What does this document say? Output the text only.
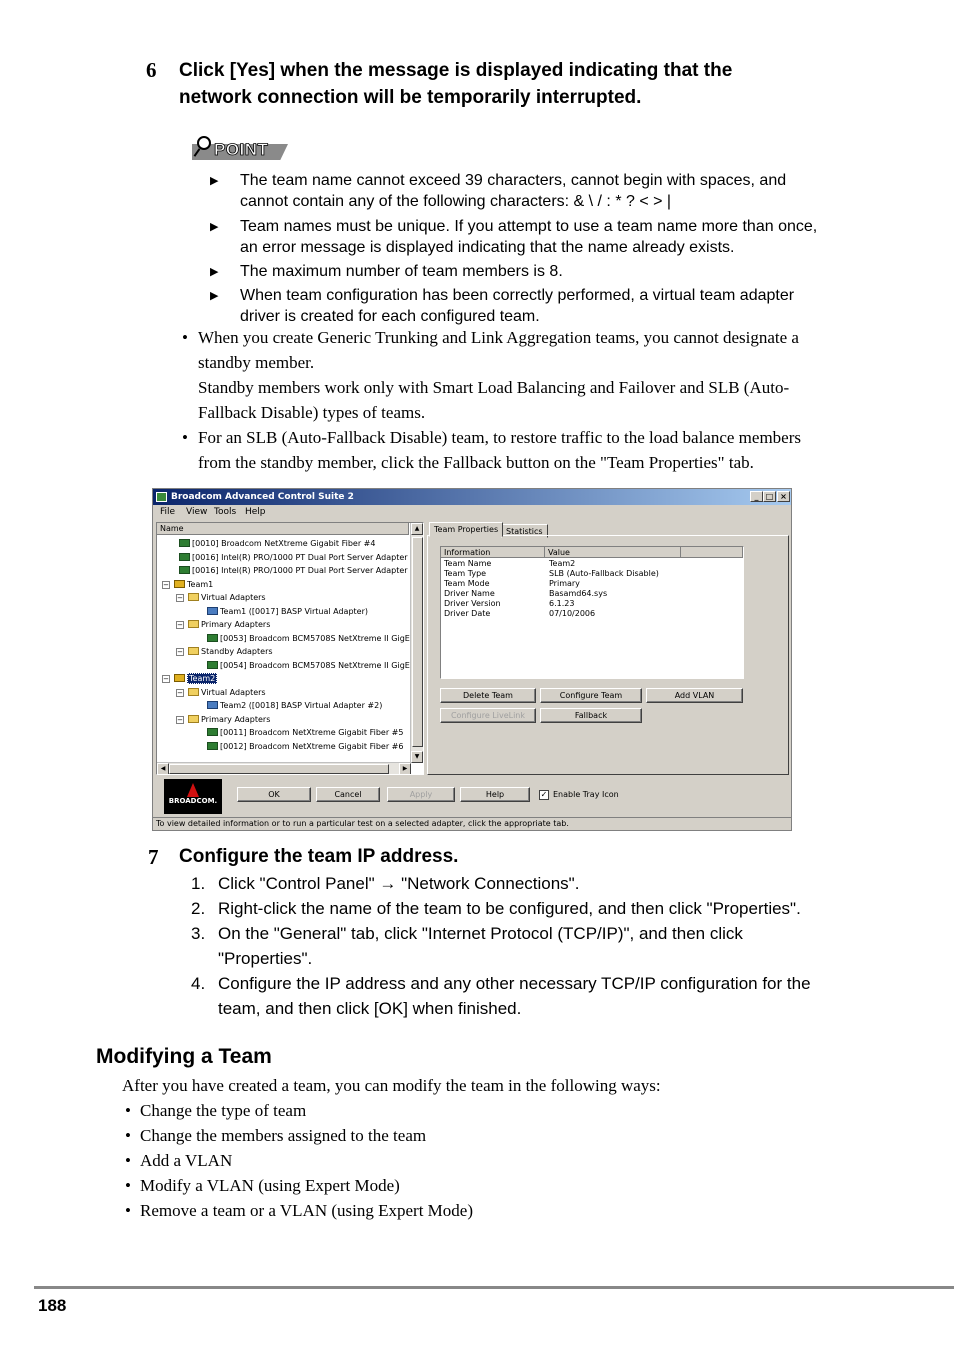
6 Click [Yes] when the message is displayed indicating that the
network connection will be temporarily interrupted.
POINT
▶ The team name cannot exceed 39 characters, cannot begin with spaces, and
cannot contain any of the following characters: & \ / : * ? < > |
▶ Team names must be unique. If you attempt to use a team name more than once,
an error message is displayed indicating that the name already exists.
▶ The maximum number of team members is 8.
▶ When team configuration has been correctly performed, a virtual team adapter
driver is created for each configured team.
• When you create Generic Trunking and Link Aggregation teams, you cannot designate a
standby member.
Standby members work only with Smart Load Balancing and Failover and SLB (Auto-
Fallback Disable) types of teams.
• For an SLB (Auto-Fallback Disable) team, to restore traffic to the load balance members
from the standby member, click the Fallback button on the "Team Properties" tab.
Broadcom Advanced Control Suite 2	_ □ ×
File View Tools Help
Name
[0010] Broadcom NetXtreme Gigabit Fiber #4
[0016] Intel(R) PRO/1000 PT Dual Port Server Adapter
[0016] Intel(R) PRO/1000 PT Dual Port Server Adapter
−	Team1
−	Virtual Adapters
Team1 ([0017] BASP Virtual Adapter)
−	Primary Adapters
[0053] Broadcom BCM5708S NetXtreme II GigE
−	Standby Adapters
[0054] Broadcom BCM5708S NetXtreme II GigE
−	Team2
−	Virtual Adapters
Team2 ([0018] BASP Virtual Adapter #2)
−	Primary Adapters
[0011] Broadcom NetXtreme Gigabit Fiber #5
[0012] Broadcom NetXtreme Gigabit Fiber #6
▲
▼
◀	▶
Team Properties Statistics
Information	Value
Team Name	Team2
Team Type	SLB (Auto-Fallback Disable)
Team Mode	Primary
Driver Name	Basamd64.sys
Driver Version	6.1.23
Driver Date	07/10/2006
Delete Team	Configure Team	Add VLAN
Configure LiveLink	Fallback
BROADCOM.
OK	Cancel	Apply	Help	✓ Enable Tray Icon
To view detailed information or to run a particular test on a selected adapter, click the appropriate tab.
7 Configure the team IP address.
1. Click "Control Panel" → "Network Connections".
2. Right-click the name of the team to be configured, and then click "Properties".
3. On the "General" tab, click "Internet Protocol (TCP/IP)", and then click
"Properties".
4. Configure the IP address and any other necessary TCP/IP configuration for the
team, and then click [OK] when finished.
Modifying a Team
After you have created a team, you can modify the team in the following ways:
• Change the type of team
• Change the members assigned to the team
• Add a VLAN
• Modify a VLAN (using Expert Mode)
• Remove a team or a VLAN (using Expert Mode)
188
